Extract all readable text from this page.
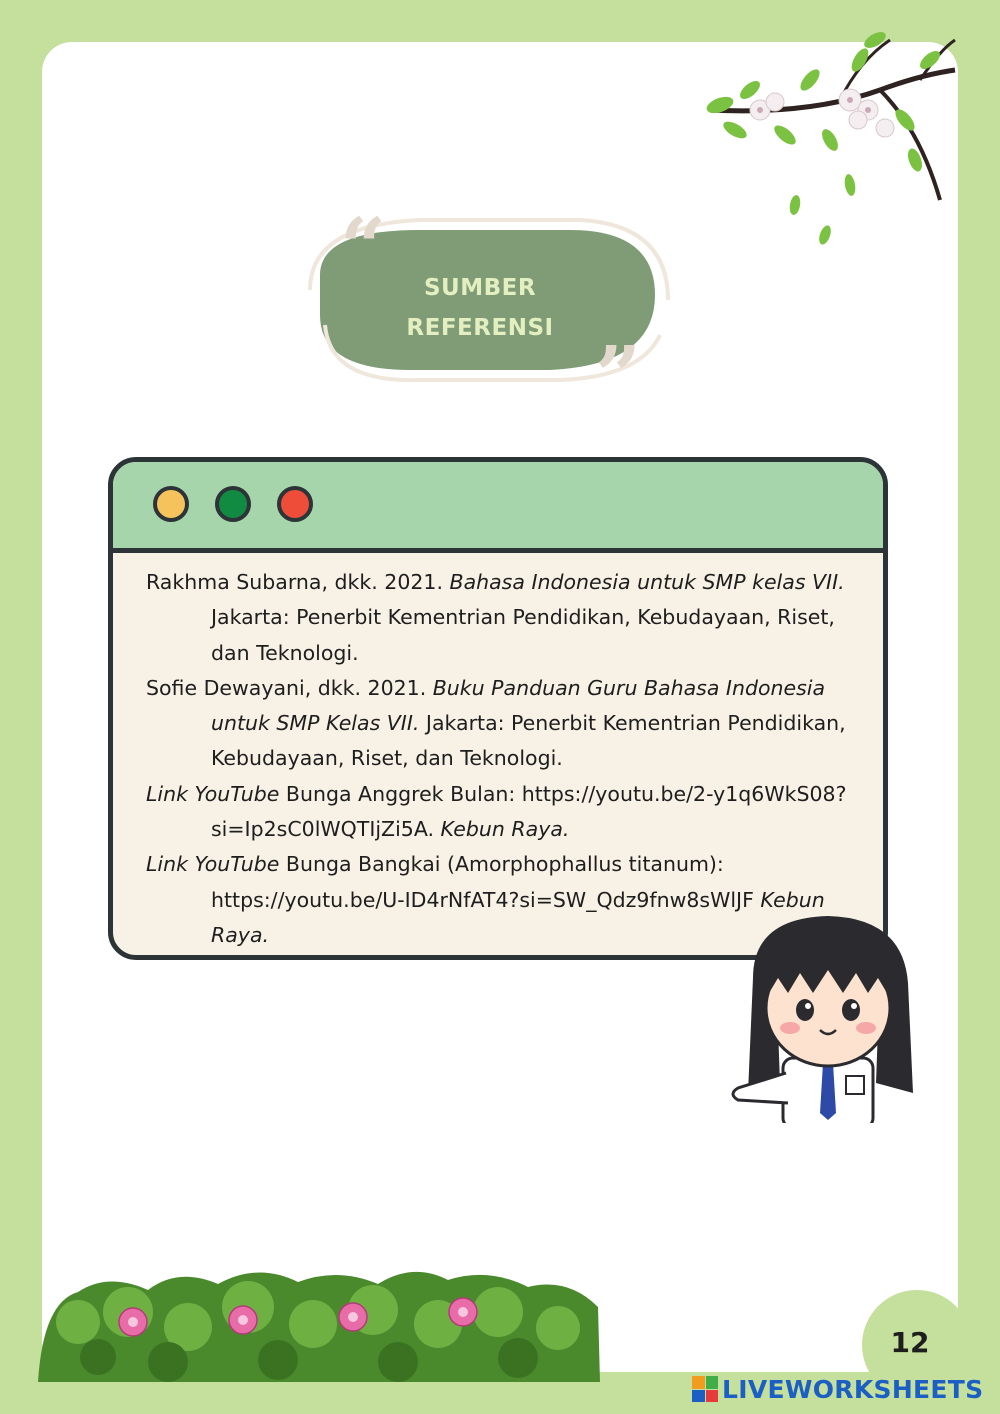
“
”
SUMBER
REFERENSI

Rakhma Subarna, dkk. 2021. Bahasa Indonesia untuk SMP kelas VII. Jakarta: Penerbit Kementrian Pendidikan, Kebudayaan, Riset, dan Teknologi.

Sofie Dewayani, dkk. 2021. Buku Panduan Guru Bahasa Indonesia untuk SMP Kelas VII. Jakarta: Penerbit Kementrian Pendidikan, Kebudayaan, Riset, dan Teknologi.

Link YouTube Bunga Anggrek Bulan: https://youtu.be/2-y1q6WkS08?si=Ip2sC0lWQTIjZi5A. Kebun Raya.

Link YouTube Bunga Bangkai (Amorphophallus titanum): https://youtu.be/U-ID4rNfAT4?si=SW_Qdz9fnw8sWlJF Kebun Raya.

12
LIVEWORKSHEETS
